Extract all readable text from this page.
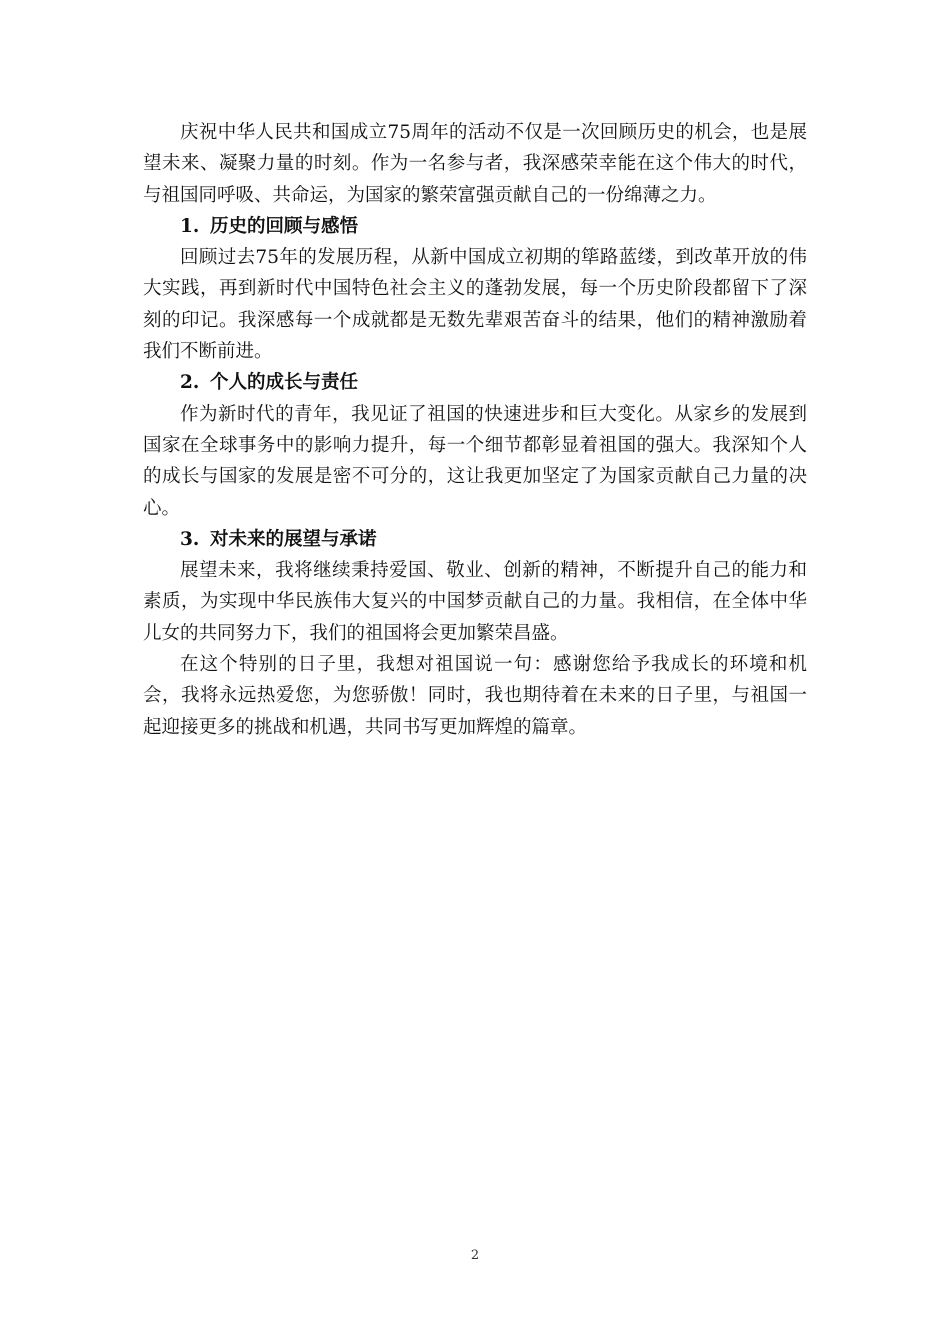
庆祝中华人民共和国成立75周年的活动不仅是一次回顾历史的机会，也是展望未来、凝聚力量的时刻。作为一名参与者，我深感荣幸能在这个伟大的时代，与祖国同呼吸、共命运，为国家的繁荣富强贡献自己的一份绵薄之力。

1. 历史的回顾与感悟

回顾过去75年的发展历程，从新中国成立初期的筚路蓝缕，到改革开放的伟大实践，再到新时代中国特色社会主义的蓬勃发展，每一个历史阶段都留下了深刻的印记。我深感每一个成就都是无数先辈艰苦奋斗的结果，他们的精神激励着我们不断前进。

2. 个人的成长与责任

作为新时代的青年，我见证了祖国的快速进步和巨大变化。从家乡的发展到国家在全球事务中的影响力提升，每一个细节都彰显着祖国的强大。我深知个人的成长与国家的发展是密不可分的，这让我更加坚定了为国家贡献自己力量的决心。

3. 对未来的展望与承诺

展望未来，我将继续秉持爱国、敬业、创新的精神，不断提升自己的能力和素质，为实现中华民族伟大复兴的中国梦贡献自己的力量。我相信，在全体中华儿女的共同努力下，我们的祖国将会更加繁荣昌盛。

在这个特别的日子里，我想对祖国说一句：感谢您给予我成长的环境和机会，我将永远热爱您，为您骄傲！同时，我也期待着在未来的日子里，与祖国一起迎接更多的挑战和机遇，共同书写更加辉煌的篇章。

2
